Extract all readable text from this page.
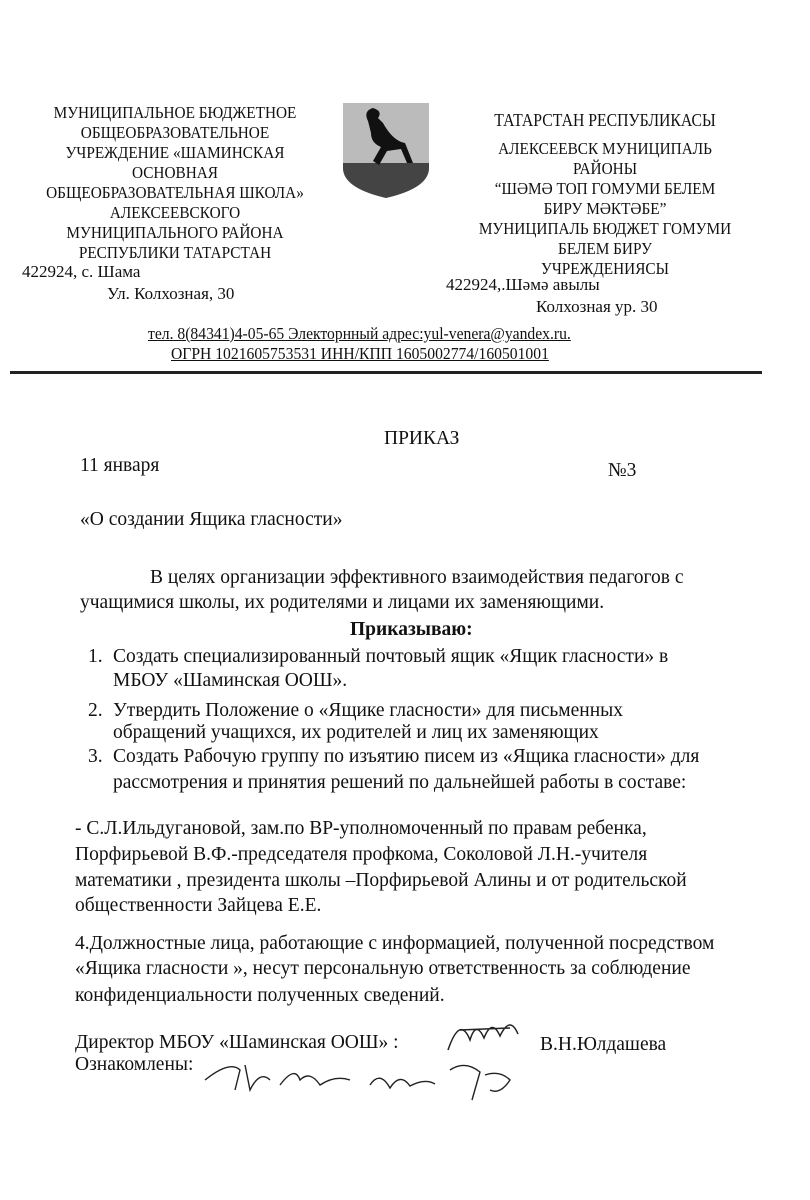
МУНИЦИПАЛЬНОЕ БЮДЖЕТНОЕ
ОБЩЕОБРАЗОВАТЕЛЬНОЕ
УЧРЕЖДЕНИЕ «ШАМИНСКАЯ
ОСНОВНАЯ
ОБЩЕОБРАЗОВАТЕЛЬНАЯ ШКОЛА»
АЛЕКСЕЕВСКОГО
МУНИЦИПАЛЬНОГО РАЙОНА
РЕСПУБЛИКИ ТАТАРСТАН
422924, с. Шама
Ул. Колхозная, 30
ТАТАРСТАН РЕСПУБЛИКАСЫ
АЛЕКСЕЕВСК МУНИЦИПАЛЬ
РАЙОНЫ
“ШӘМӘ ТОП ГОМУМИ БЕЛЕМ
БИРУ МӘКТӘБЕ”
МУНИЦИПАЛЬ БЮДЖЕТ ГОМУМИ
БЕЛЕМ БИРУ
УЧРЕЖДЕНИЯСЫ
422924,.Шәмә авылы
Колхозная ур. 30
тел. 8(84341)4-05-65 Электорнный адрес:yul-venera@yandex.ru.
ОГРН 1021605753531 ИНН/КПП 1605002774/160501001
ПРИКАЗ
11 января	№3
«О создании Ящика гласности»
В целях организации эффективного взаимодействия педагогов с
учащимися школы, их родителями и лицами их заменяющими.
Приказываю:
1. Создать специализированный почтовый ящик «Ящик гласности» в
МБОУ «Шаминская ООШ».
2. Утвердить Положение о «Ящике гласности» для письменных
обращений учащихся, их родителей и лиц их заменяющих
3. Создать Рабочую группу по изъятию писем из «Ящика гласности» для
рассмотрения и принятия решений по дальнейшей работы в составе:
- С.Л.Ильдугановой, зам.по ВР-уполномоченный по правам ребенка,
Порфирьевой В.Ф.-председателя профкома, Соколовой Л.Н.-учителя
математики , президента школы –Порфирьевой Алины и от родительской
общественности Зайцева Е.Е.
4.Должностные лица, работающие с информацией, полученной посредством
«Ящика гласности », несут персональную ответственность за соблюдение
конфиденциальности полученных сведений.
Директор МБОУ «Шаминская ООШ» :	В.Н.Юлдашева
Ознакомлены:
